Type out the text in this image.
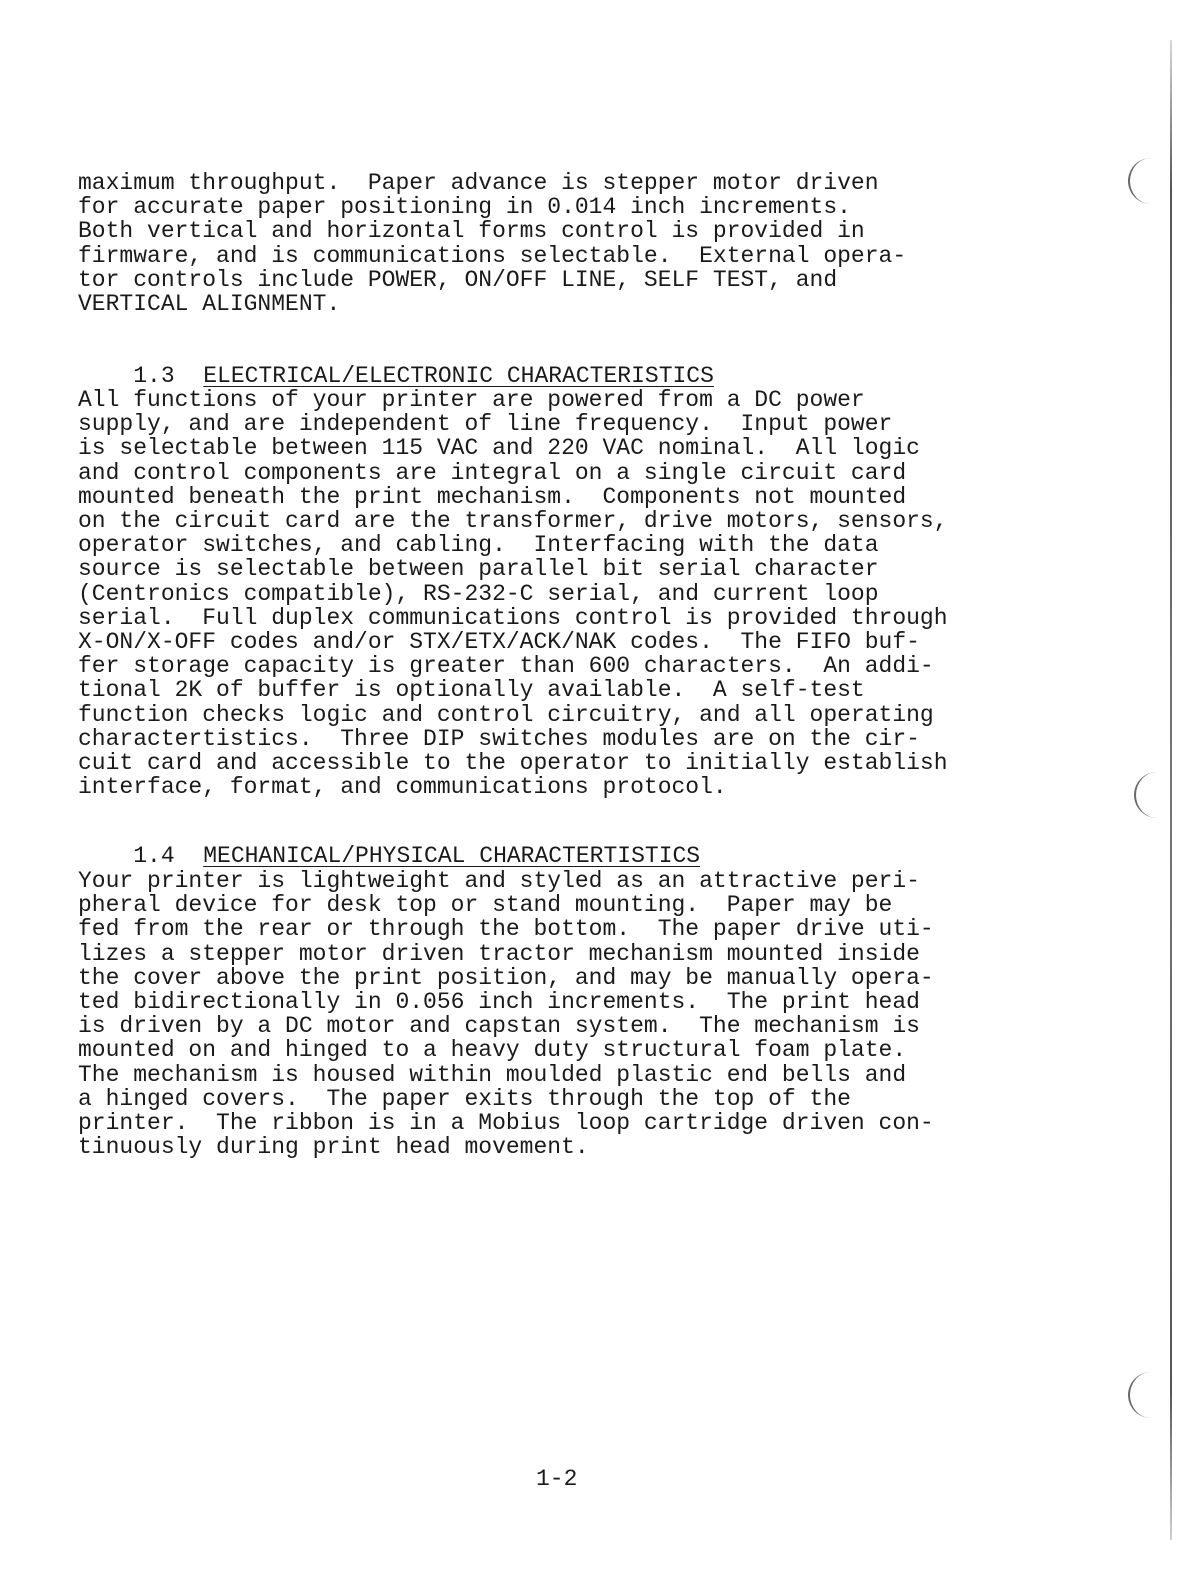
maximum throughput.  Paper advance is stepper motor driven
for accurate paper positioning in 0.014 inch increments.
Both vertical and horizontal forms control is provided in
firmware, and is communications selectable.  External opera-
tor controls include POWER, ON/OFF LINE, SELF TEST, and
VERTICAL ALIGNMENT.

1.3 ELECTRICAL/ELECTRONIC CHARACTERISTICS

All functions of your printer are powered from a DC power
supply, and are independent of line frequency.  Input power
is selectable between 115 VAC and 220 VAC nominal.  All logic
and control components are integral on a single circuit card
mounted beneath the print mechanism.  Components not mounted
on the circuit card are the transformer, drive motors, sensors,
operator switches, and cabling.  Interfacing with the data
source is selectable between parallel bit serial character
(Centronics compatible), RS-232-C serial, and current loop
serial.  Full duplex communications control is provided through
X-ON/X-OFF codes and/or STX/ETX/ACK/NAK codes.  The FIFO buf-
fer storage capacity is greater than 600 characters.  An addi-
tional 2K of buffer is optionally available.  A self-test
function checks logic and control circuitry, and all operating
charactertistics.  Three DIP switches modules are on the cir-
cuit card and accessible to the operator to initially establish
interface, format, and communications protocol.

1.4 MECHANICAL/PHYSICAL CHARACTERTISTICS

Your printer is lightweight and styled as an attractive peri-
pheral device for desk top or stand mounting.  Paper may be
fed from the rear or through the bottom.  The paper drive uti-
lizes a stepper motor driven tractor mechanism mounted inside
the cover above the print position, and may be manually opera-
ted bidirectionally in 0.056 inch increments.  The print head
is driven by a DC motor and capstan system.  The mechanism is
mounted on and hinged to a heavy duty structural foam plate.
The mechanism is housed within moulded plastic end bells and
a hinged covers.  The paper exits through the top of the
printer.  The ribbon is in a Mobius loop cartridge driven con-
tinuously during print head movement.
1-2
